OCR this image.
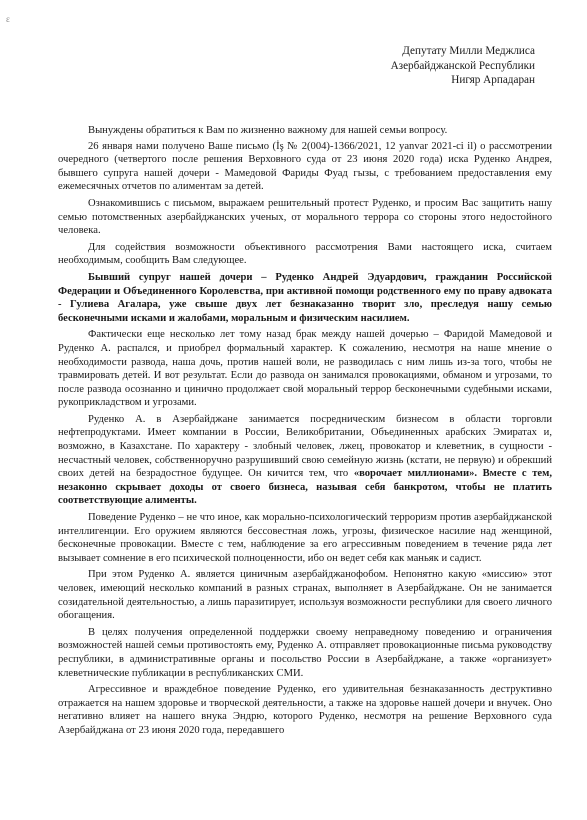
ε
Депутату Милли Меджлиса
Азербайджанской Республики
Нигяр Арпадаран

Вынуждены обратиться к Вам по жизненно важному для нашей семьи вопросу.

26 января нами получено Ваше письмо (İş № 2(004)-1366/2021, 12 yanvar 2021-ci il) о рассмотрении очередного (четвертого после решения Верховного суда от 23 июня 2020 года) иска Руденко Андрея, бывшего супруга нашей дочери - Мамедовой Фариды Фуад гызы, с требованием предоставления ему ежемесячных отчетов по алиментам за детей.

Ознакомившись с письмом, выражаем решительный протест Руденко, и просим Вас защитить нашу семью потомственных азербайджанских ученых, от морального террора со стороны этого недостойного человека.

Для содействия возможности объективного рассмотрения Вами настоящего иска, считаем необходимым, сообщить Вам следующее.

Бывший супруг нашей дочери – Руденко Андрей Эдуардович, гражданин Российской Федерации и Объединенного Королевства, при активной помощи родственного ему по праву адвоката - Гулиева Агалара, уже свыше двух лет безнаказанно творит зло, преследуя нашу семью бесконечными исками и жалобами, моральным и физическим насилием.

Фактически еще несколько лет тому назад брак между нашей дочерью – Фаридой Мамедовой и Руденко А. распался, и приобрел формальный характер. К сожалению, несмотря на наше мнение о необходимости развода, наша дочь, против нашей воли, не разводилась с ним лишь из-за того, чтобы не травмировать детей. И вот результат. Если до развода он занимался провокациями, обманом и угрозами, то после развода осознанно и цинично продолжает свой моральный террор бесконечными судебными исками, рукоприкладством и угрозами.

Руденко А. в Азербайджане занимается посредническим бизнесом в области торговли нефтепродуктами. Имеет компании в России, Великобритании, Объединенных арабских Эмиратах и, возможно, в Казахстане. По характеру - злобный человек, лжец, провокатор и клеветник, в сущности - несчастный человек, собственноручно разрушивший свою семейную жизнь (кстати, не первую) и обрекший своих детей на безрадостное будущее. Он кичится тем, что «ворочает миллионами». Вместе с тем, незаконно скрывает доходы от своего бизнеса, называя себя банкротом, чтобы не платить соответствующие алименты.

Поведение Руденко – не что иное, как морально-психологический терроризм против азербайджанской интеллигенции. Его оружием являются бессовестная ложь, угрозы, физическое насилие над женщиной, бесконечные провокации. Вместе с тем, наблюдение за его агрессивным поведением в течение ряда лет вызывает сомнение в его психической полноценности, ибо он ведет себя как маньяк и садист.

При этом Руденко А. является циничным азербайджанофобом. Непонятно какую «миссию» этот человек, имеющий несколько компаний в разных странах, выполняет в Азербайджане. Он не занимается созидательной деятельностью, а лишь паразитирует, используя возможности республики для своего личного обогащения.

В целях получения определенной поддержки своему неправедному поведению и ограничения возможностей нашей семьи противостоять ему, Руденко А. отправляет провокационные письма руководству республики, в административные органы и посольство России в Азербайджане, а также «организует» клеветнические публикации в республиканских СМИ.

Агрессивное и враждебное поведение Руденко, его удивительная безнаказанность деструктивно отражается на нашем здоровье и творческой деятельности, а также на здоровье нашей дочери и внучек. Оно негативно влияет на нашего внука Эндрю, которого Руденко, несмотря на решение Верховного суда Азербайджана от 23 июня 2020 года, передавшего
